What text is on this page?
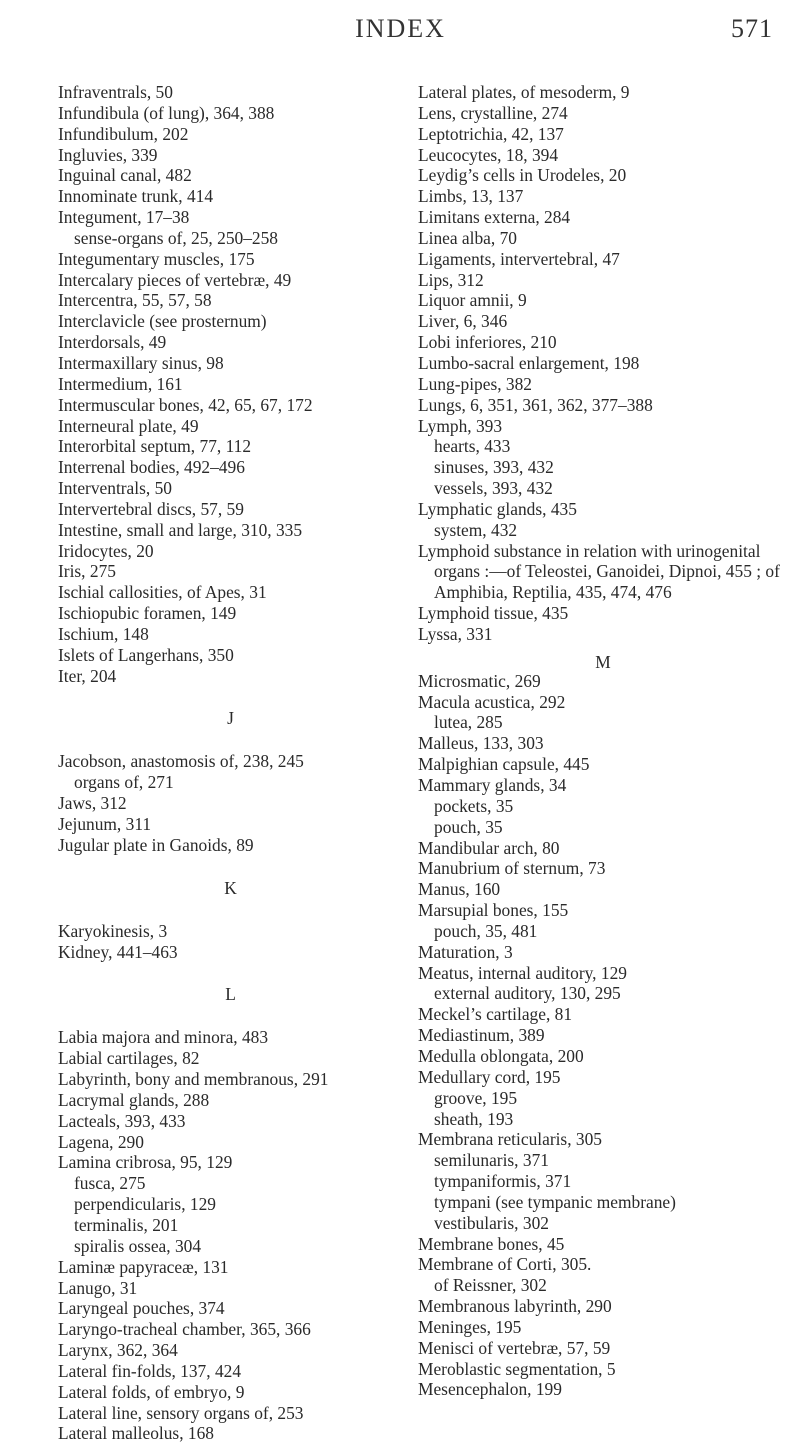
INDEX	571
Infraventrals, 50
Infundibula (of lung), 364, 388
Infundibulum, 202
Ingluvies, 339
Inguinal canal, 482
Innominate trunk, 414
Integument, 17–38
sense-organs of, 25, 250–258
Integumentary muscles, 175
Intercalary pieces of vertebræ, 49
Intercentra, 55, 57, 58
Interclavicle (see prosternum)
Interdorsals, 49
Intermaxillary sinus, 98
Intermedium, 161
Intermuscular bones, 42, 65, 67, 172
Interneural plate, 49
Interorbital septum, 77, 112
Interrenal bodies, 492–496
Interventrals, 50
Intervertebral discs, 57, 59
Intestine, small and large, 310, 335
Iridocytes, 20
Iris, 275
Ischial callosities, of Apes, 31
Ischiopubic foramen, 149
Ischium, 148
Islets of Langerhans, 350
Iter, 204
J
Jacobson, anastomosis of, 238, 245
organs of, 271
Jaws, 312
Jejunum, 311
Jugular plate in Ganoids, 89
K
Karyokinesis, 3
Kidney, 441–463
L
Labia majora and minora, 483
Labial cartilages, 82
Labyrinth, bony and membranous, 291
Lacrymal glands, 288
Lacteals, 393, 433
Lagena, 290
Lamina cribrosa, 95, 129
fusca, 275
perpendicularis, 129
terminalis, 201
spiralis ossea, 304
Laminæ papyraceæ, 131
Lanugo, 31
Laryngeal pouches, 374
Laryngo-tracheal chamber, 365, 366
Larynx, 362, 364
Lateral fin-folds, 137, 424
Lateral folds, of embryo, 9
Lateral line, sensory organs of, 253
Lateral malleolus, 168
Lateral plates, of mesoderm, 9
Lens, crystalline, 274
Leptotrichia, 42, 137
Leucocytes, 18, 394
Leydig’s cells in Urodeles, 20
Limbs, 13, 137
Limitans externa, 284
Linea alba, 70
Ligaments, intervertebral, 47
Lips, 312
Liquor amnii, 9
Liver, 6, 346
Lobi inferiores, 210
Lumbo-sacral enlargement, 198
Lung-pipes, 382
Lungs, 6, 351, 361, 362, 377–388
Lymph, 393
hearts, 433
sinuses, 393, 432
vessels, 393, 432
Lymphatic glands, 435
system, 432
Lymphoid substance in relation with urinogenital organs :—of Teleostei, Ganoidei, Dipnoi, 455 ; of Amphibia, Reptilia, 435, 474, 476
Lymphoid tissue, 435
Lyssa, 331
M
Microsmatic, 269
Macula acustica, 292
lutea, 285
Malleus, 133, 303
Malpighian capsule, 445
Mammary glands, 34
pockets, 35
pouch, 35
Mandibular arch, 80
Manubrium of sternum, 73
Manus, 160
Marsupial bones, 155
pouch, 35, 481
Maturation, 3
Meatus, internal auditory, 129
external auditory, 130, 295
Meckel’s cartilage, 81
Mediastinum, 389
Medulla oblongata, 200
Medullary cord, 195
groove, 195
sheath, 193
Membrana reticularis, 305
semilunaris, 371
tympaniformis, 371
tympani (see tympanic membrane)
vestibularis, 302
Membrane bones, 45
Membrane of Corti, 305.
of Reissner, 302
Membranous labyrinth, 290
Meninges, 195
Menisci of vertebræ, 57, 59
Meroblastic segmentation, 5
Mesencephalon, 199
